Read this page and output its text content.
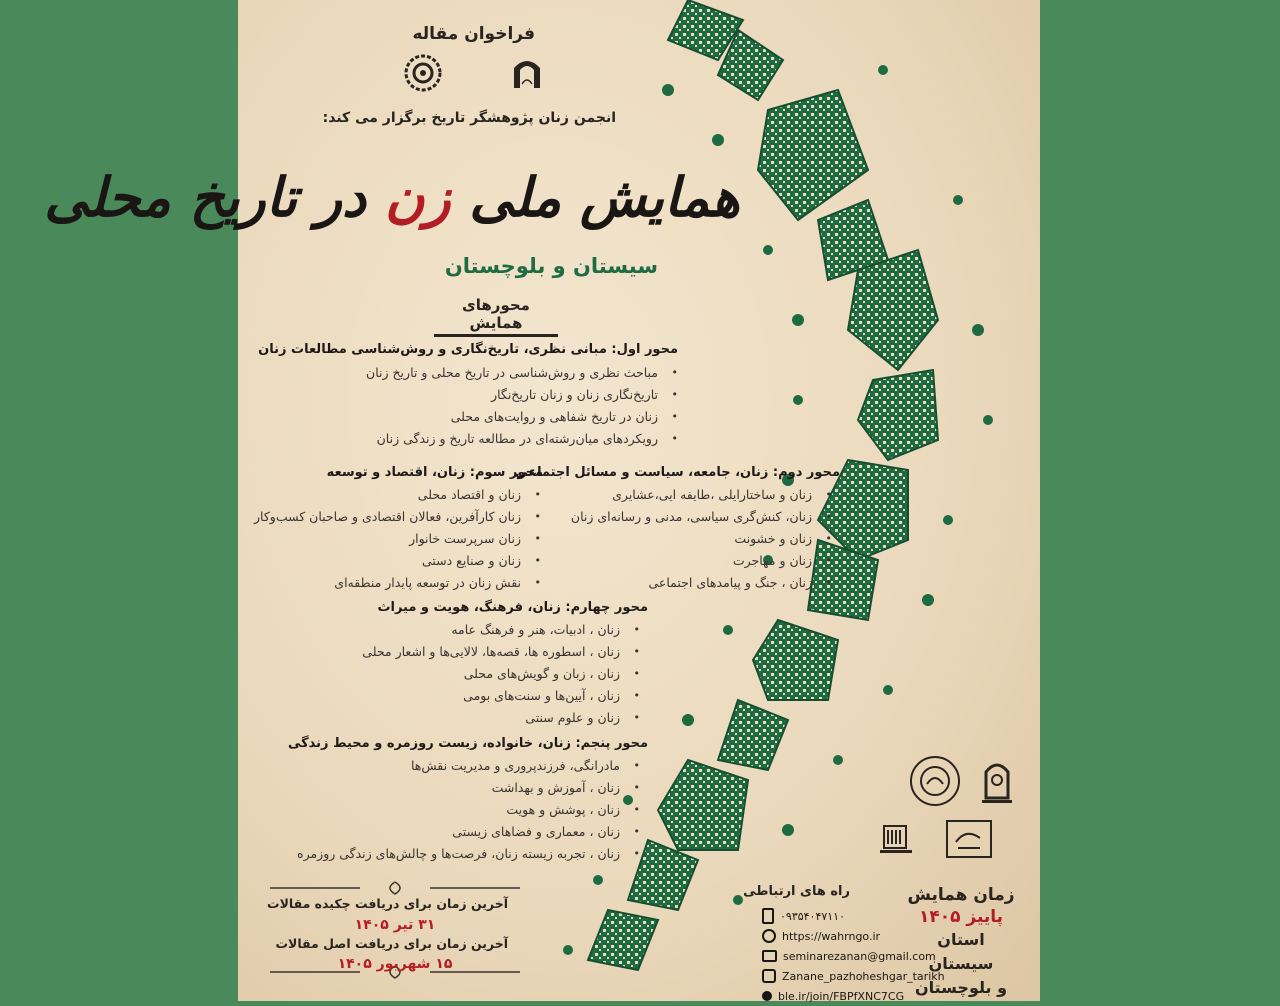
فراخوان مقاله
انجمن زنان پژوهشگر تاریخ برگزار می کند:
همایش ملی زن در تاریخ محلی
سیستان و بلوچستان
محورهای همایش
محور اول: مبانی نظری، تاریخ‌نگاری و روش‌شناسی مطالعات زنان
• مباحث نظری و روش‌شناسی در تاریخ محلی و تاریخ زنان
• تاریخ‌نگاری زنان و زنان تاریخ‌نگار
• زنان در تاریخ شفاهی و روایت‌های محلی
• رویکردهای میان‌رشته‌ای در مطالعه تاریخ و زندگی زنان
محور دوم: زنان، جامعه، سیاست و مسائل اجتماعی
• زنان و ساختارایلی ،طایفه ایی،عشایری
• زنان، کنش‌گری سیاسی، مدنی و رسانه‌ای زنان
• زنان و خشونت
• زنان و مهاجرت
• زنان ، جنگ و پیامدهای اجتماعی
محور سوم: زنان، اقتصاد و توسعه
• زنان و اقتصاد محلی
• زنان کارآفرین، فعالان اقتصادی و صاحبان کسب‌وکار
• زنان سرپرست خانوار
• زنان و صنایع دستی
• نقش زنان در توسعه پایدار منطقه‌ای
محور چهارم: زنان، فرهنگ، هویت و میراث
• زنان ، ادبیات، هنر و فرهنگ عامه
• زنان ، اسطوره ها، قصه‌ها، لالایی‌ها و اشعار محلی
• زنان ، زبان و گویش‌های محلی
• زنان ، آیین‌ها و سنت‌های بومی
• زنان و علوم سنتی
محور پنجم: زنان، خانواده، زیست روزمره و محیط زندگی
• مادرانگی، فرزندپروری و مدیریت نقش‌ها
• زنان ، آموزش و بهداشت
• زنان ، پوشش و هویت
• زنان ، معماری و فضاهای زیستی
• زنان ، تجربه زیسته زنان، فرصت‌ها و چالش‌های زندگی روزمره
آخرین زمان برای دریافت چکیده مقالات
۳۱ تیر ۱۴۰۵
آخرین زمان برای دریافت اصل مقالات
۱۵ شهریور ۱۴۰۵
راه های ارتباطی
۰۹۳۵۴۰۴۷۱۱۰
https://wahrngo.ir
seminarezanan@gmail.com
Zanane_pazhoheshgar_tarikh
ble.ir/join/FBPfXNC7CG
زمان همایش
پاییز ۱۴۰۵
استان سیستان
و بلوچستان
